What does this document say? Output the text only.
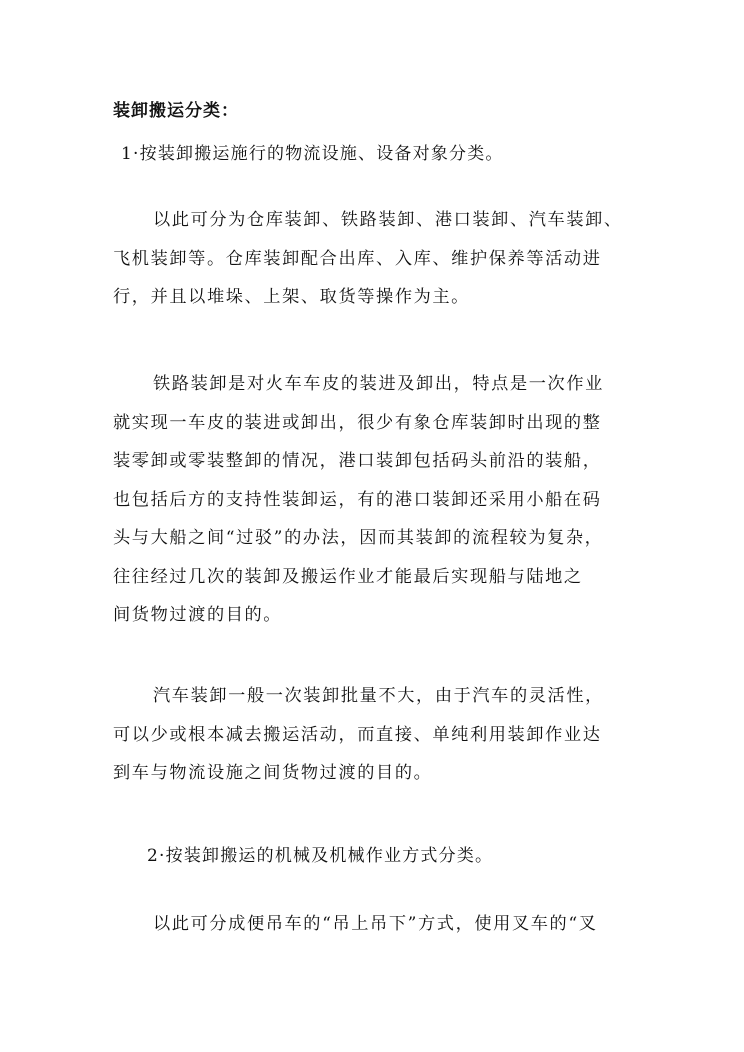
装卸搬运分类：
1·按装卸搬运施行的物流设施、设备对象分类。
以此可分为仓库装卸、铁路装卸、港口装卸、汽车装卸、
飞机装卸等。仓库装卸配合出库、入库、维护保养等活动进
行，并且以堆垛、上架、取货等操作为主。
铁路装卸是对火车车皮的装进及卸出，特点是一次作业
就实现一车皮的装进或卸出，很少有象仓库装卸时出现的整
装零卸或零装整卸的情况，港口装卸包括码头前沿的装船，
也包括后方的支持性装卸运，有的港口装卸还采用小船在码
头与大船之间“过驳”的办法，因而其装卸的流程较为复杂，
往往经过几次的装卸及搬运作业才能最后实现船与陆地之
间货物过渡的目的。
汽车装卸一般一次装卸批量不大，由于汽车的灵活性，
可以少或根本减去搬运活动，而直接、单纯利用装卸作业达
到车与物流设施之间货物过渡的目的。
2·按装卸搬运的机械及机械作业方式分类。
以此可分成便吊车的“吊上吊下”方式，使用叉车的“叉
